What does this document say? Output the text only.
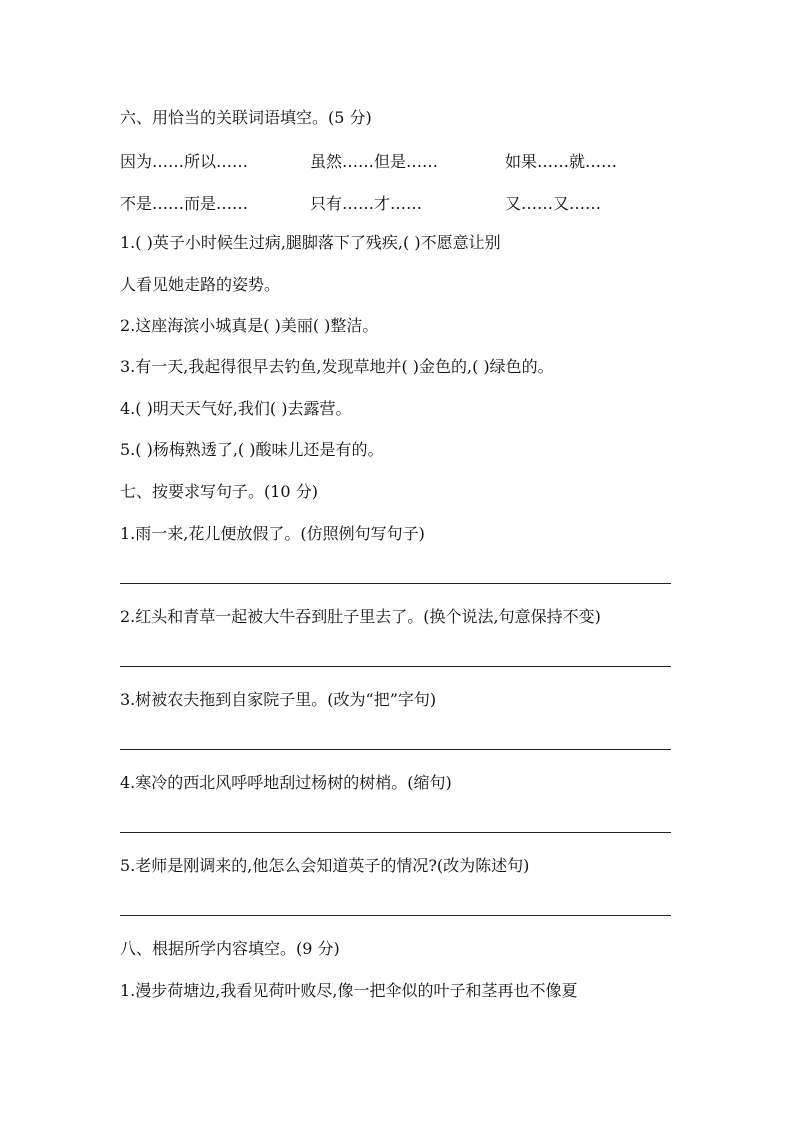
六、用恰当的关联词语填空。(5 分)
因为……所以……	虽然……但是……	如果……就……
不是……而是……	只有……才……	又……又……
1.( )英子小时候生过病,腿脚落下了残疾,( )不愿意让别
人看见她走路的姿势。
2.这座海滨小城真是( )美丽( )整洁。
3.有一天,我起得很早去钓鱼,发现草地并( )金色的,( )绿色的。
4.( )明天天气好,我们( )去露营。
5.( )杨梅熟透了,( )酸味儿还是有的。
七、按要求写句子。(10 分)
1.雨一来,花儿便放假了。(仿照例句写句子)
2.红头和青草一起被大牛吞到肚子里去了。(换个说法,句意保持不变)
3.树被农夫拖到自家院子里。(改为“把”字句)
4.寒冷的西北风呼呼地刮过杨树的树梢。(缩句)
5.老师是刚调来的,他怎么会知道英子的情况?(改为陈述句)
八、根据所学内容填空。(9 分)
1.漫步荷塘边,我看见荷叶败尽,像一把伞似的叶子和茎再也不像夏
